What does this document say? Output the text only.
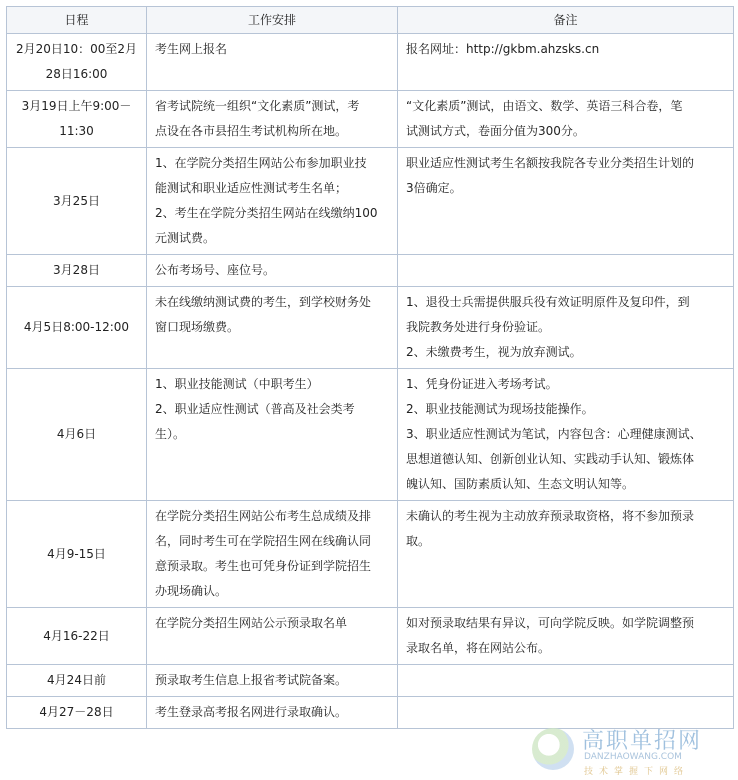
日程	工作安排	备注

2月20日10：00至2月
28日16:00	考生网上报名	报名网址：http://gkbm.ahzsks.cn

3月19日上午9:00－
11:30	省考试院统一组织“文化素质”测试，考
点设在各市县招生考试机构所在地。	“文化素质”测试，由语文、数学、英语三科合卷，笔
试测试方式，卷面分值为300分。

3月25日	1、在学院分类招生网站公布参加职业技
能测试和职业适应性测试考生名单；
2、考生在学院分类招生网站在线缴纳100
元测试费。	职业适应性测试考生名额按我院各专业分类招生计划的
3倍确定。

3月28日	公布考场号、座位号。	

4月5日8:00-12:00	未在线缴纳测试费的考生，到学校财务处
窗口现场缴费。	1、退役士兵需提供服兵役有效证明原件及复印件，到
我院教务处进行身份验证。
2、未缴费考生，视为放弃测试。

4月6日	1、职业技能测试（中职考生）
2、职业适应性测试（普高及社会类考
生）。	1、凭身份证进入考场考试。
2、职业技能测试为现场技能操作。
3、职业适应性测试为笔试，内容包含：心理健康测试、
思想道德认知、创新创业认知、实践动手认知、锻炼体
魄认知、国防素质认知、生态文明认知等。

4月9-15日	在学院分类招生网站公布考生总成绩及排
名，同时考生可在学院招生网在线确认同
意预录取。考生也可凭身份证到学院招生
办现场确认。	未确认的考生视为主动放弃预录取资格，将不参加预录
取。

4月16-22日	在学院分类招生网站公示预录取名单	如对预录取结果有异议，可向学院反映。如学院调整预
录取名单，将在网站公布。

4月24日前	预录取考生信息上报省考试院备案。	

4月27－28日	考生登录高考报名网进行录取确认。	

高职单招网
DANZHAOWANG.COM
技术掌握下网络
